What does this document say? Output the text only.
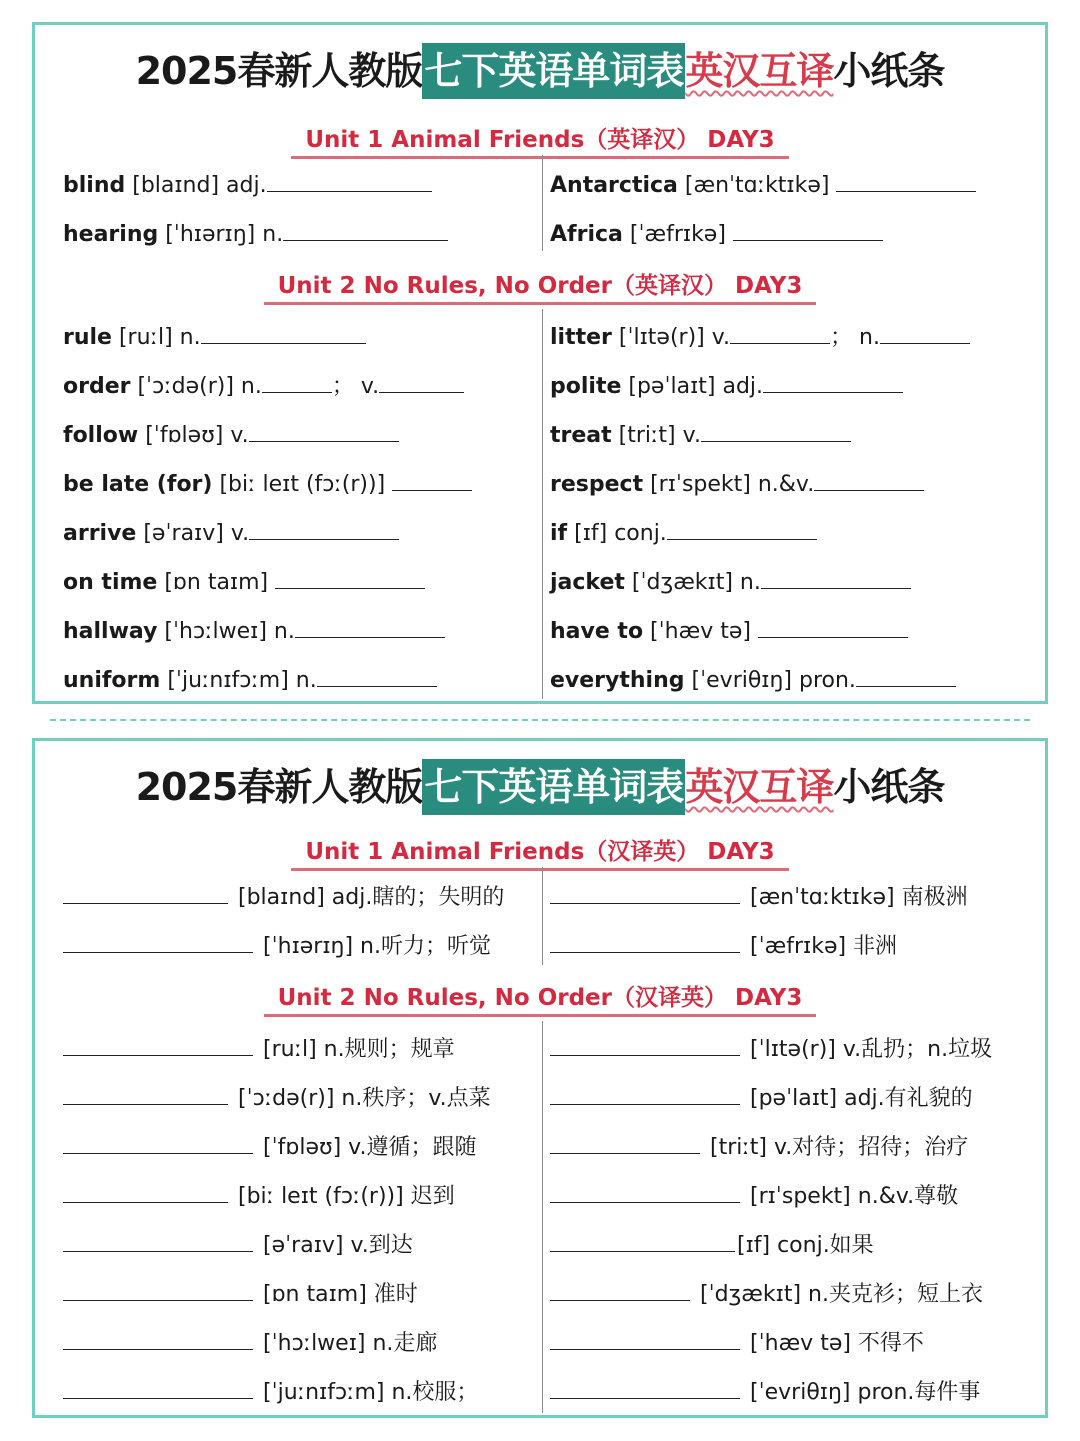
2025春新人教版七下英语单词表英汉互译小纸条
Unit 1 Animal Friends（英译汉） DAY3
blind [blaɪnd] adj.
hearing [ˈhɪərɪŋ] n.
Antarctica [ænˈtɑːktɪkə]
Africa [ˈæfrɪkə]
Unit 2 No Rules, No Order（英译汉） DAY3
rule [ruːl] n.
order [ˈɔːdə(r)] n.	； v.
follow [ˈfɒləʊ] v.
be late (for) [biː leɪt (fɔː(r))]
arrive [əˈraɪv] v.
on time [ɒn taɪm]
hallway [ˈhɔːlweɪ] n.
uniform [ˈjuːnɪfɔːm] n.
litter [ˈlɪtə(r)] v.	； n.
polite [pəˈlaɪt] adj.
treat [triːt] v.
respect [rɪˈspekt] n.&v.
if [ɪf] conj.
jacket [ˈdʒækɪt] n.
have to [ˈhæv tə]
everything [ˈevriθɪŋ] pron.
2025春新人教版七下英语单词表英汉互译小纸条
Unit 1 Animal Friends（汉译英） DAY3
[blaɪnd] adj.瞎的；失明的
[ˈhɪərɪŋ] n.听力；听觉
[ænˈtɑːktɪkə] 南极洲
[ˈæfrɪkə] 非洲
Unit 2 No Rules, No Order（汉译英） DAY3
[ruːl] n.规则；规章
[ˈɔːdə(r)] n.秩序；v.点菜
[ˈfɒləʊ] v.遵循；跟随
[biː leɪt (fɔː(r))] 迟到
[əˈraɪv] v.到达
[ɒn taɪm] 准时
[ˈhɔːlweɪ] n.走廊
[ˈjuːnɪfɔːm] n.校服；
[ˈlɪtə(r)] v.乱扔；n.垃圾
[pəˈlaɪt] adj.有礼貌的
[triːt] v.对待；招待；治疗
[rɪˈspekt] n.&v.尊敬
[ɪf] conj.如果
[ˈdʒækɪt] n.夹克衫；短上衣
[ˈhæv tə] 不得不
[ˈevriθɪŋ] pron.每件事
